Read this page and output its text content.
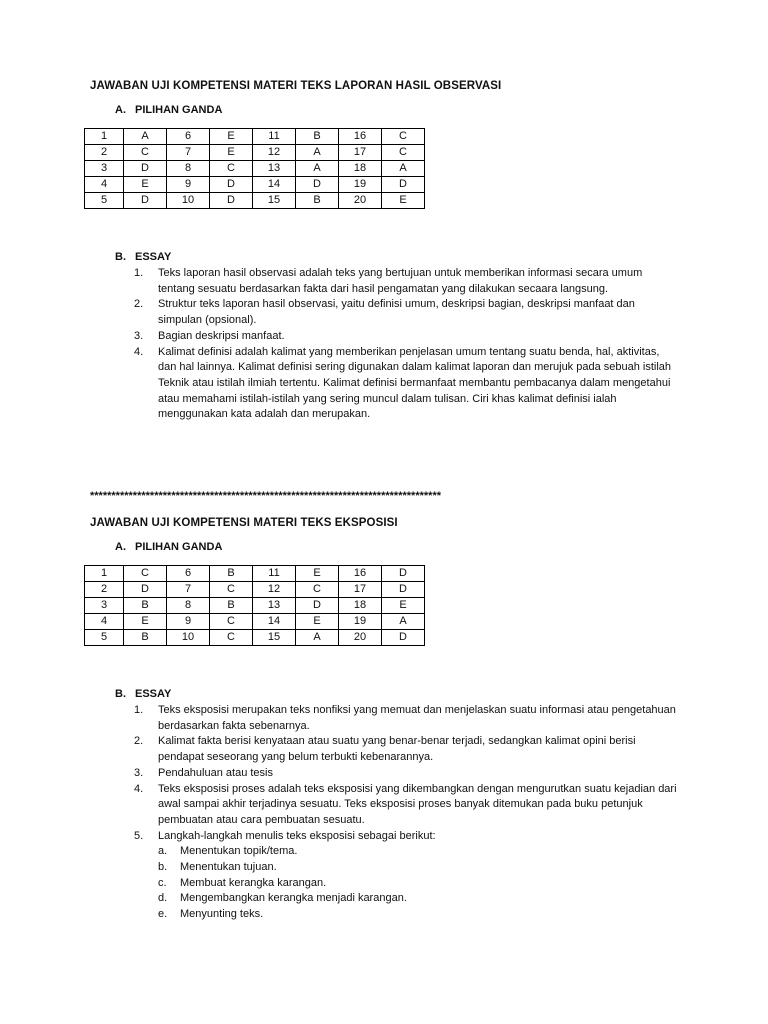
JAWABAN UJI KOMPETENSI MATERI TEKS LAPORAN HASIL OBSERVASI
A. PILIHAN GANDA
1	A	6	E	11	B	16	C
2	C	7	E	12	A	17	C
3	D	8	C	13	A	18	A
4	E	9	D	14	D	19	D
5	D	10	D	15	B	20	E
B. ESSAY
1. Teks laporan hasil observasi adalah teks yang bertujuan untuk memberikan informasi secara umum tentang sesuatu berdasarkan fakta dari hasil pengamatan yang dilakukan secaara langsung.
2. Struktur teks laporan hasil observasi, yaitu definisi umum, deskripsi bagian, deskripsi manfaat dan simpulan (opsional).
3. Bagian deskripsi manfaat.
4. Kalimat definisi adalah kalimat yang memberikan penjelasan umum tentang suatu benda, hal, aktivitas, dan hal lainnya. Kalimat definisi sering digunakan dalam kalimat laporan dan merujuk pada sebuah istilah Teknik atau istilah ilmiah tertentu. Kalimat definisi bermanfaat membantu pembacanya dalam mengetahui atau memahami istilah-istilah yang sering muncul dalam tulisan. Ciri khas kalimat definisi ialah menggunakan kata adalah dan merupakan.
**********************************************************************************
JAWABAN UJI KOMPETENSI MATERI TEKS EKSPOSISI
A. PILIHAN GANDA
1	C	6	B	11	E	16	D
2	D	7	C	12	C	17	D
3	B	8	B	13	D	18	E
4	E	9	C	14	E	19	A
5	B	10	C	15	A	20	D
B. ESSAY
1. Teks eksposisi merupakan teks nonfiksi yang memuat dan menjelaskan suatu informasi atau pengetahuan berdasarkan fakta sebenarnya.
2. Kalimat fakta berisi kenyataan atau suatu yang benar-benar terjadi, sedangkan kalimat opini berisi pendapat seseorang yang belum terbukti kebenarannya.
3. Pendahuluan atau tesis
4. Teks eksposisi proses adalah teks eksposisi yang dikembangkan dengan mengurutkan suatu kejadian dari awal sampai akhir terjadinya sesuatu. Teks eksposisi proses banyak ditemukan pada buku petunjuk pembuatan atau cara pembuatan sesuatu.
5. Langkah-langkah menulis teks eksposisi sebagai berikut:
a. Menentukan topik/tema.
b. Menentukan tujuan.
c. Membuat kerangka karangan.
d. Mengembangkan kerangka menjadi karangan.
e. Menyunting teks.
